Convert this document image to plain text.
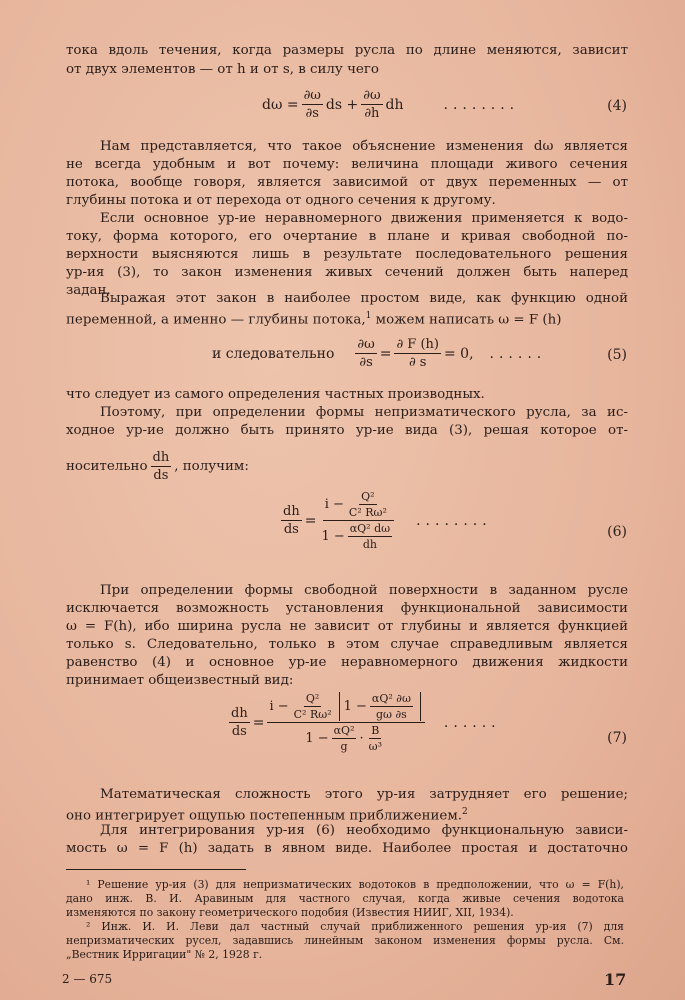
тока вдоль течения, когда размеры русла по длине меняются, зависит
от двух элементов — от h и от s, в силу чего
$d\omega = \frac{\partial\omega}{\partial s}$ ds + $\frac{\partial\omega}{\partial h}$ dh	........	(4)
Нам представляется, что такое объяснение изменения dω является
не всегда удобным и вот почему: величина площади живого сечения
потока, вообще говоря, является зависимой от двух переменных — от
глубины потока и от перехода от одного сечения к другому.
Если основное ур-ие неравномерного движения применяется к водо-
току, форма которого, его очертание в плане и кривая свободной по-
верхности выясняются лишь в результате последовательного решения
ур-ия (3), то закон изменения живых сечений должен быть наперед
задан.
Выражая этот закон в наиболее простом виде, как функцию одной
переменной, а именно — глубины потока,$^1$ можем написать ω = F (h)
и следовательно $\frac{\partial\omega}{\partial s} = \frac{\partial F (h)}{\partial s} = 0$, ......	(5)
что следует из самого определения частных производных.
Поэтому, при определении формы непризматического русла, за ис-
ходное ур-ие должно быть принято ур-ие вида (3), решая которое от-
носительно $\frac{dh}{ds}$ , получим:
$\frac{dh}{ds} = \frac{i - \frac{\text{Q²}}{\text{C² Rω²}}}{1 - \frac{\text{αQ² dω}}{dh}}$ ........
(6)
При определении формы свободной поверхности в заданном русле
исключается возможность установления функциональной зависимости
ω = F(h), ибо ширина русла не зависит от глубины и является функцией
только s. Следовательно, только в этом случае справедливым является
равенство (4) и основное ур-ие неравномерного движения жидкости
принимает общеизвестный вид:
$\frac{dh}{ds} = \frac{i - \frac{\text{Q²}}{\text{C² Rω²}} 1 - \frac{\text{αQ² ∂ω}}{g\omega \partial s}}{1 - \frac{\text{αQ²}}{g} \cdot \frac{B}{\text{ω³}}}$ ......
(7)
Математическая сложность этого ур-ия затрудняет его решение;
оно интегрирует ощупью постепенным приближением.$^2$
Для интегрирования ур-ия (6) необходимо функциональную зависи-
мость ω = F (h) задать в явном виде. Наиболее простая и достаточно
¹ Решение ур-ия (3) для непризматических водотоков в предположении, что ω = F(h),
дано инж. В. И. Аравиным для частного случая, когда живые сечения водотока
изменяются по закону геометрического подобия (Известия НИИГ, XII, 1934).
² Инж. И. И. Леви дал частный случай приближенного решения ур-ия (7) для
непризматических русел, задавшись линейным законом изменения формы русла. См.
„Вестник Ирригации" № 2, 1928 г.
2 — 675	17
